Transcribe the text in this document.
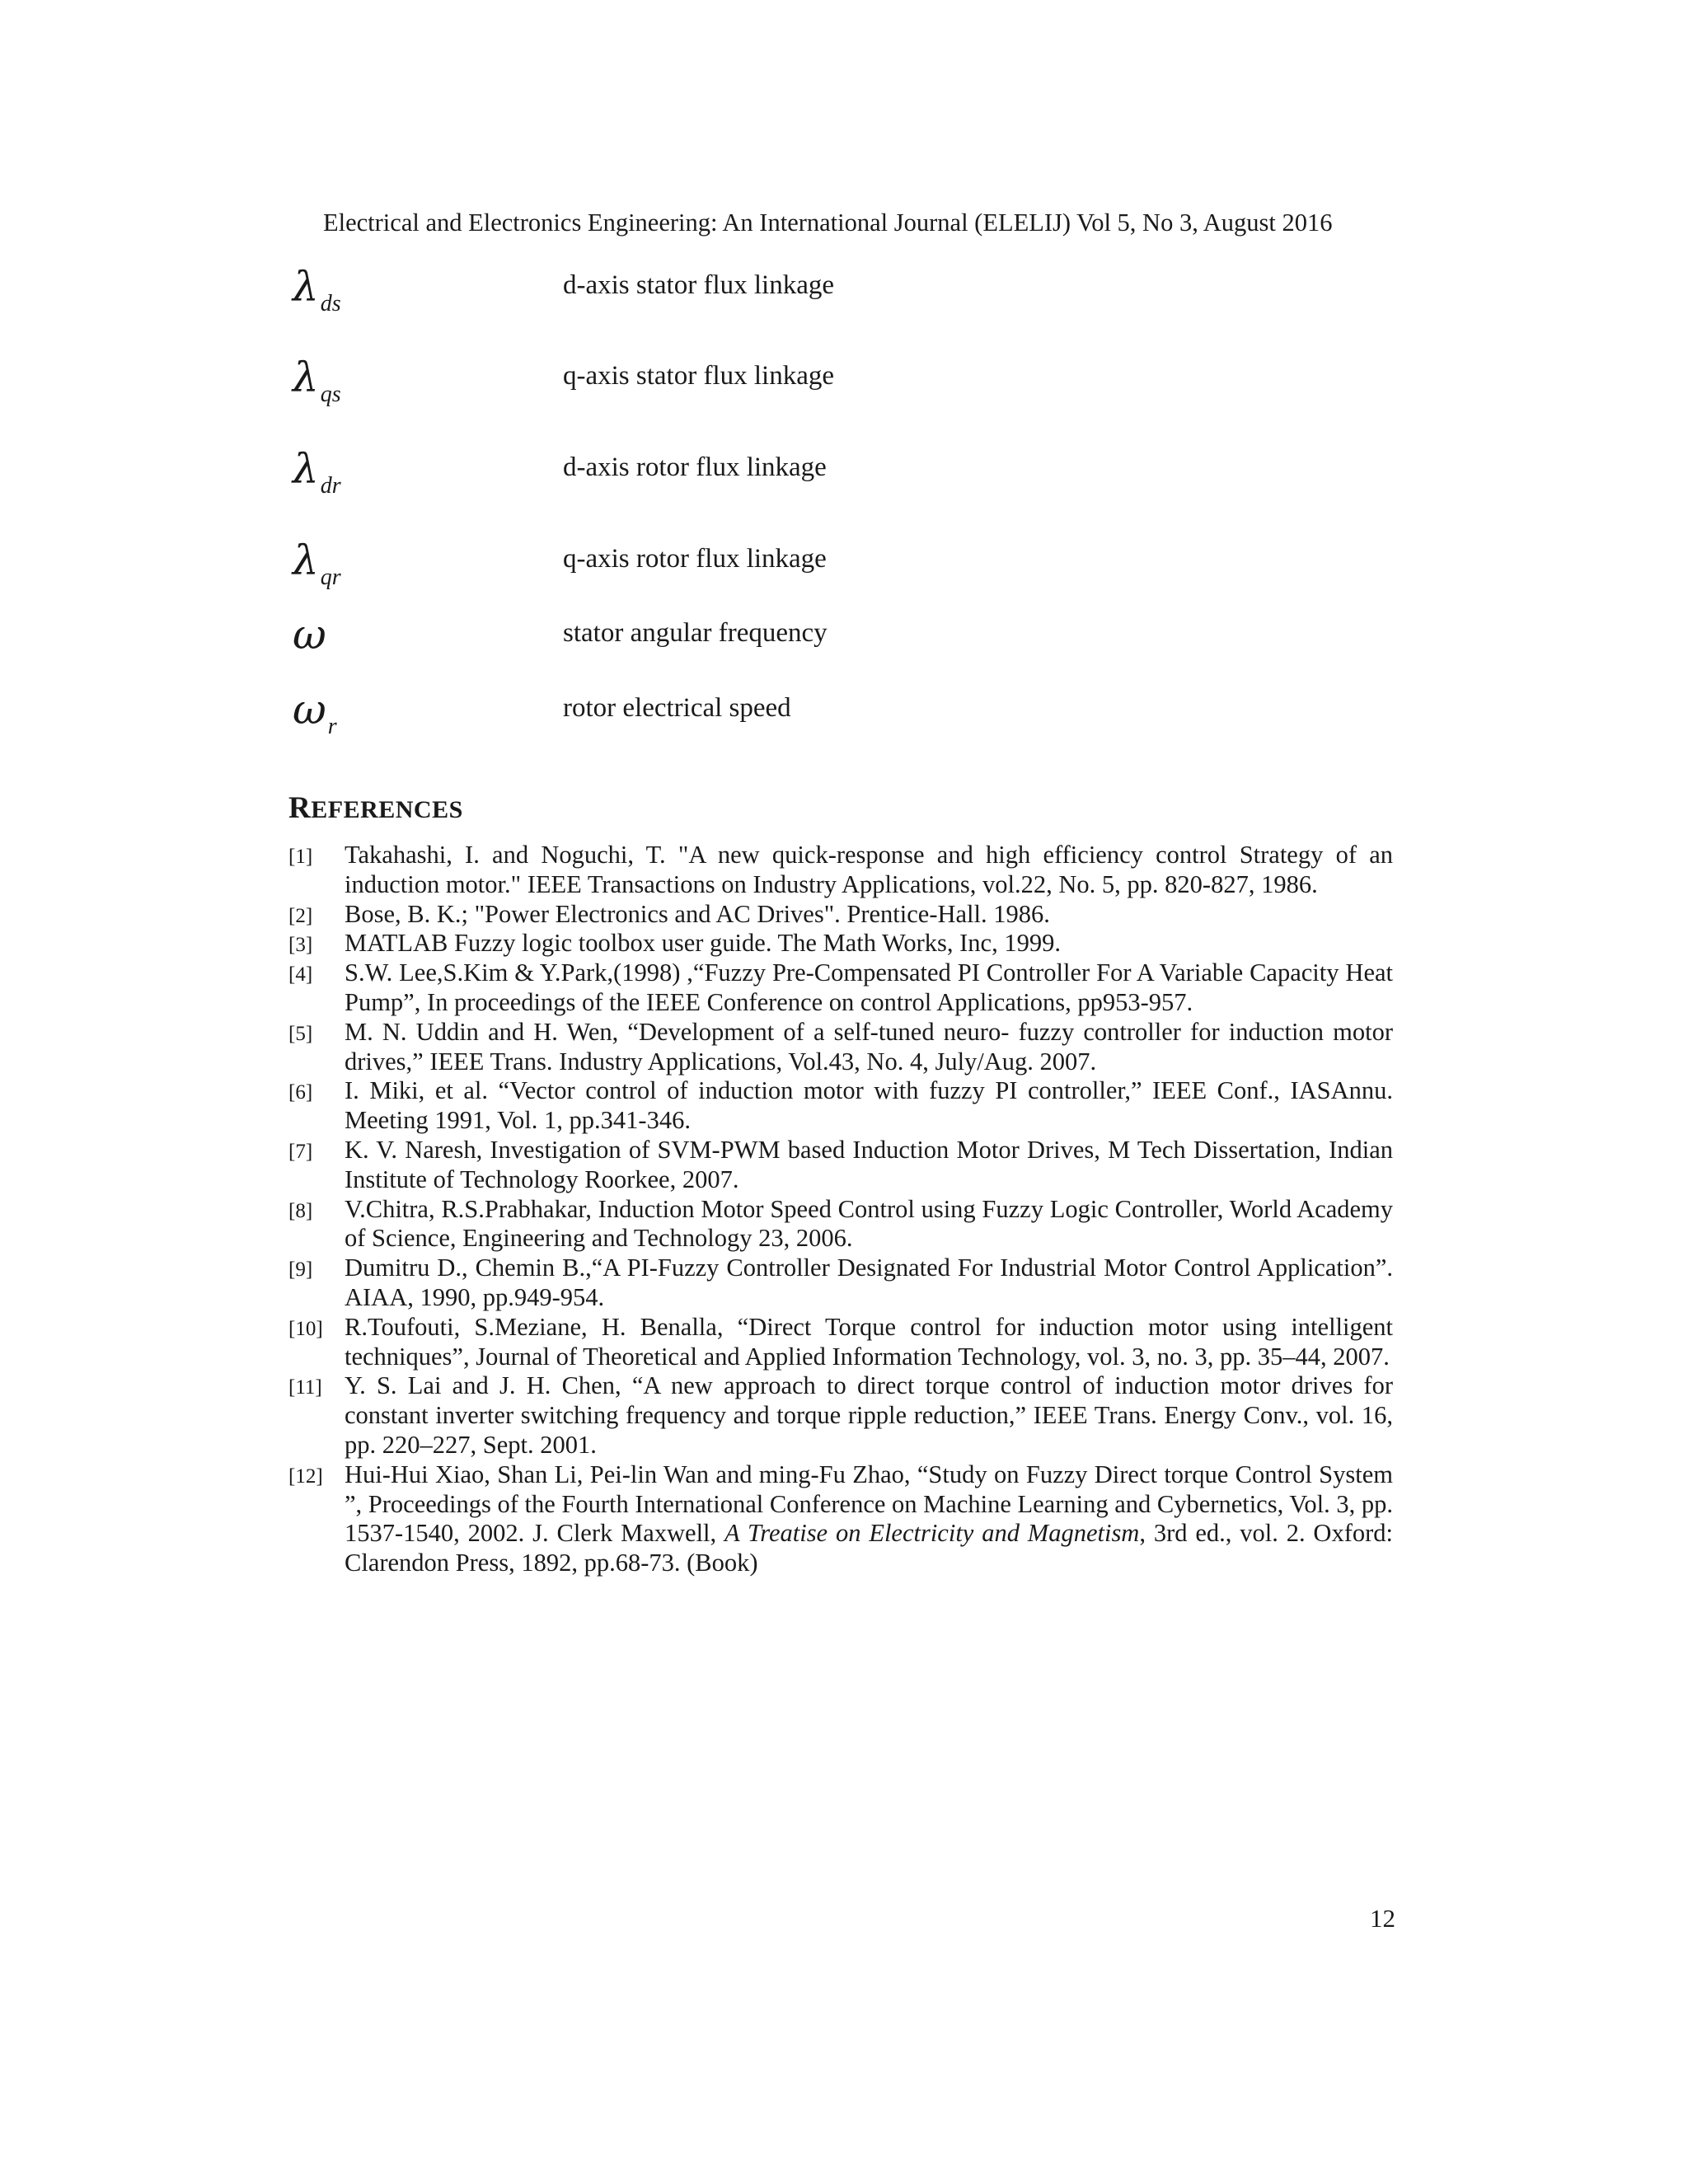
Electrical and Electronics Engineering: An International Journal (ELELIJ) Vol 5, No 3, August 2016
$\lambda_{ds}$
d-axis stator flux linkage
$\lambda_{qs}$
q-axis stator flux linkage
$\lambda_{dr}$
d-axis rotor flux linkage
$\lambda_{qr}$
q-axis rotor flux linkage
ω	stator angular frequency
$\omega_r$
rotor electrical speed
REFERENCES
[1] Takahashi, I. and Noguchi, T. "A new quick-response and high efficiency control Strategy of an induction motor." IEEE Transactions on Industry Applications, vol.22, No. 5, pp. 820-827, 1986.
[2] Bose, B. K.; "Power Electronics and AC Drives". Prentice-Hall. 1986.
[3] MATLAB Fuzzy logic toolbox user guide. The Math Works, Inc, 1999.
[4] S.W. Lee,S.Kim & Y.Park,(1998) ,“Fuzzy Pre-Compensated PI Controller For A Variable Capacity Heat Pump”, In proceedings of the IEEE Conference on control Applications, pp953-957.
[5] M. N. Uddin and H. Wen, “Development of a self-tuned neuro- fuzzy controller for induction motor drives,” IEEE Trans. Industry Applications, Vol.43, No. 4, July/Aug. 2007.
[6] I. Miki, et al. “Vector control of induction motor with fuzzy PI controller,” IEEE Conf., IASAnnu. Meeting 1991, Vol. 1, pp.341-346.
[7] K. V. Naresh, Investigation of SVM-PWM based Induction Motor Drives, M Tech Dissertation, Indian Institute of Technology Roorkee, 2007.
[8] V.Chitra, R.S.Prabhakar, Induction Motor Speed Control using Fuzzy Logic Controller, World Academy of Science, Engineering and Technology 23, 2006.
[9] Dumitru D., Chemin B.,“A PI-Fuzzy Controller Designated For Industrial Motor Control Application”. AIAA, 1990, pp.949-954.
[10] R.Toufouti, S.Meziane, H. Benalla, “Direct Torque control for induction motor using intelligent techniques”, Journal of Theoretical and Applied Information Technology, vol. 3, no. 3, pp. 35–44, 2007.
[11] Y. S. Lai and J. H. Chen, “A new approach to direct torque control of induction motor drives for constant inverter switching frequency and torque ripple reduction,” IEEE Trans. Energy Conv., vol. 16, pp. 220–227, Sept. 2001.
[12] Hui-Hui Xiao, Shan Li, Pei-lin Wan and ming-Fu Zhao, “Study on Fuzzy Direct torque Control System ”, Proceedings of the Fourth International Conference on Machine Learning and Cybernetics, Vol. 3, pp. 1537-1540, 2002. J. Clerk Maxwell, A Treatise on Electricity and Magnetism, 3rd ed., vol. 2. Oxford: Clarendon Press, 1892, pp.68-73. (Book)
12
